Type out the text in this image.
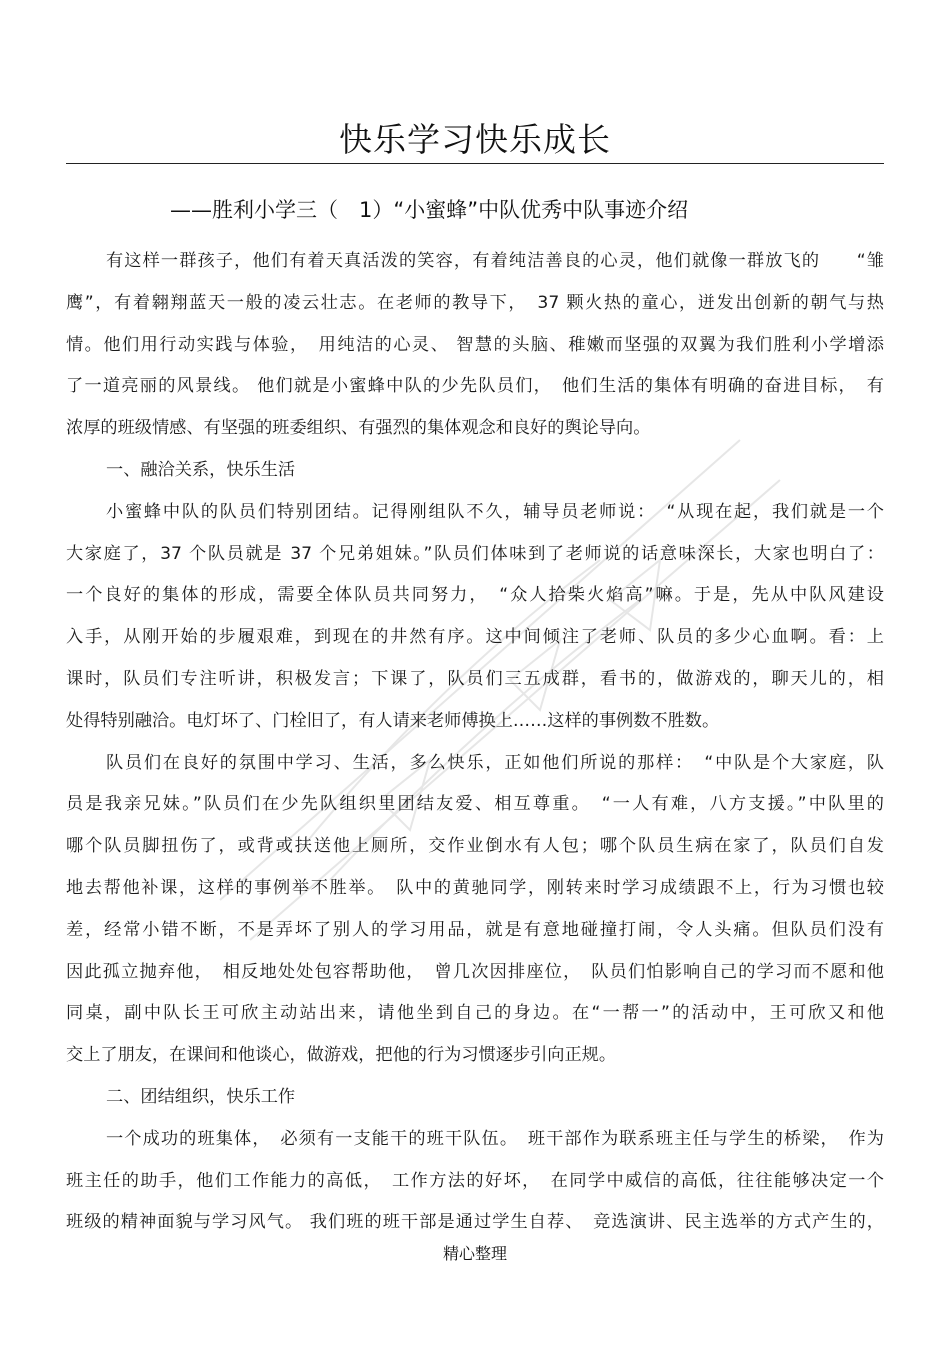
快乐学习快乐成长
——胜利小学三（　1）“小蜜蜂”中队优秀中队事迹介绍
有这样一群孩子，他们有着天真活泼的笑容，有着纯洁善良的心灵，他们就像一群放飞的　　“雏
鹰”，有着翱翔蓝天一般的凌云壮志。在老师的教导下，　37 颗火热的童心，迸发出创新的朝气与热
情。他们用行动实践与体验，　用纯洁的心灵、 智慧的头脑、稚嫩而坚强的双翼为我们胜利小学增添
了一道亮丽的风景线。 他们就是小蜜蜂中队的少先队员们，　他们生活的集体有明确的奋进目标，　有
浓厚的班级情感、有坚强的班委组织、有强烈的集体观念和良好的舆论导向。
一、融洽关系，快乐生活
小蜜蜂中队的队员们特别团结。记得刚组队不久，辅导员老师说：　“从现在起，我们就是一个
大家庭了，37 个队员就是 37 个兄弟姐妹。”队员们体味到了老师说的话意味深长，大家也明白了：
一个良好的集体的形成，需要全体队员共同努力，　“众人拾柴火焰高”嘛。于是，先从中队风建设
入手，从刚开始的步履艰难，到现在的井然有序。这中间倾注了老师、队员的多少心血啊。看：上
课时，队员们专注听讲，积极发言；下课了，队员们三五成群，看书的，做游戏的，聊天儿的，相
处得特别融洽。电灯坏了、门栓旧了，有人请来老师傅换上……这样的事例数不胜数。
队员们在良好的氛围中学习、生活，多么快乐，正如他们所说的那样：　“中队是个大家庭，队
员是我亲兄妹。”队员们在少先队组织里团结友爱、相互尊重。　“一人有难，八方支援。”中队里的
哪个队员脚扭伤了，或背或扶送他上厕所，交作业倒水有人包；哪个队员生病在家了，队员们自发
地去帮他补课，这样的事例举不胜举。　队中的黄驰同学，刚转来时学习成绩跟不上，行为习惯也较
差，经常小错不断，不是弄坏了别人的学习用品，就是有意地碰撞打闹，令人头痛。但队员们没有
因此孤立抛弃他，　相反地处处包容帮助他，　曾几次因排座位，　队员们怕影响自己的学习而不愿和他
同桌，副中队长王可欣主动站出来，请他坐到自己的身边。在“一帮一”的活动中，王可欣又和他
交上了朋友，在课间和他谈心，做游戏，把他的行为习惯逐步引向正规。
二、团结组织，快乐工作
一个成功的班集体，　必须有一支能干的班干队伍。　班干部作为联系班主任与学生的桥梁，　作为
班主任的助手，他们工作能力的高低，　工作方法的好坏，　在同学中威信的高低，往往能够决定一个
班级的精神面貌与学习风气。 我们班的班干部是通过学生自荐、　竞选演讲、民主选举的方式产生的，
精心整理
